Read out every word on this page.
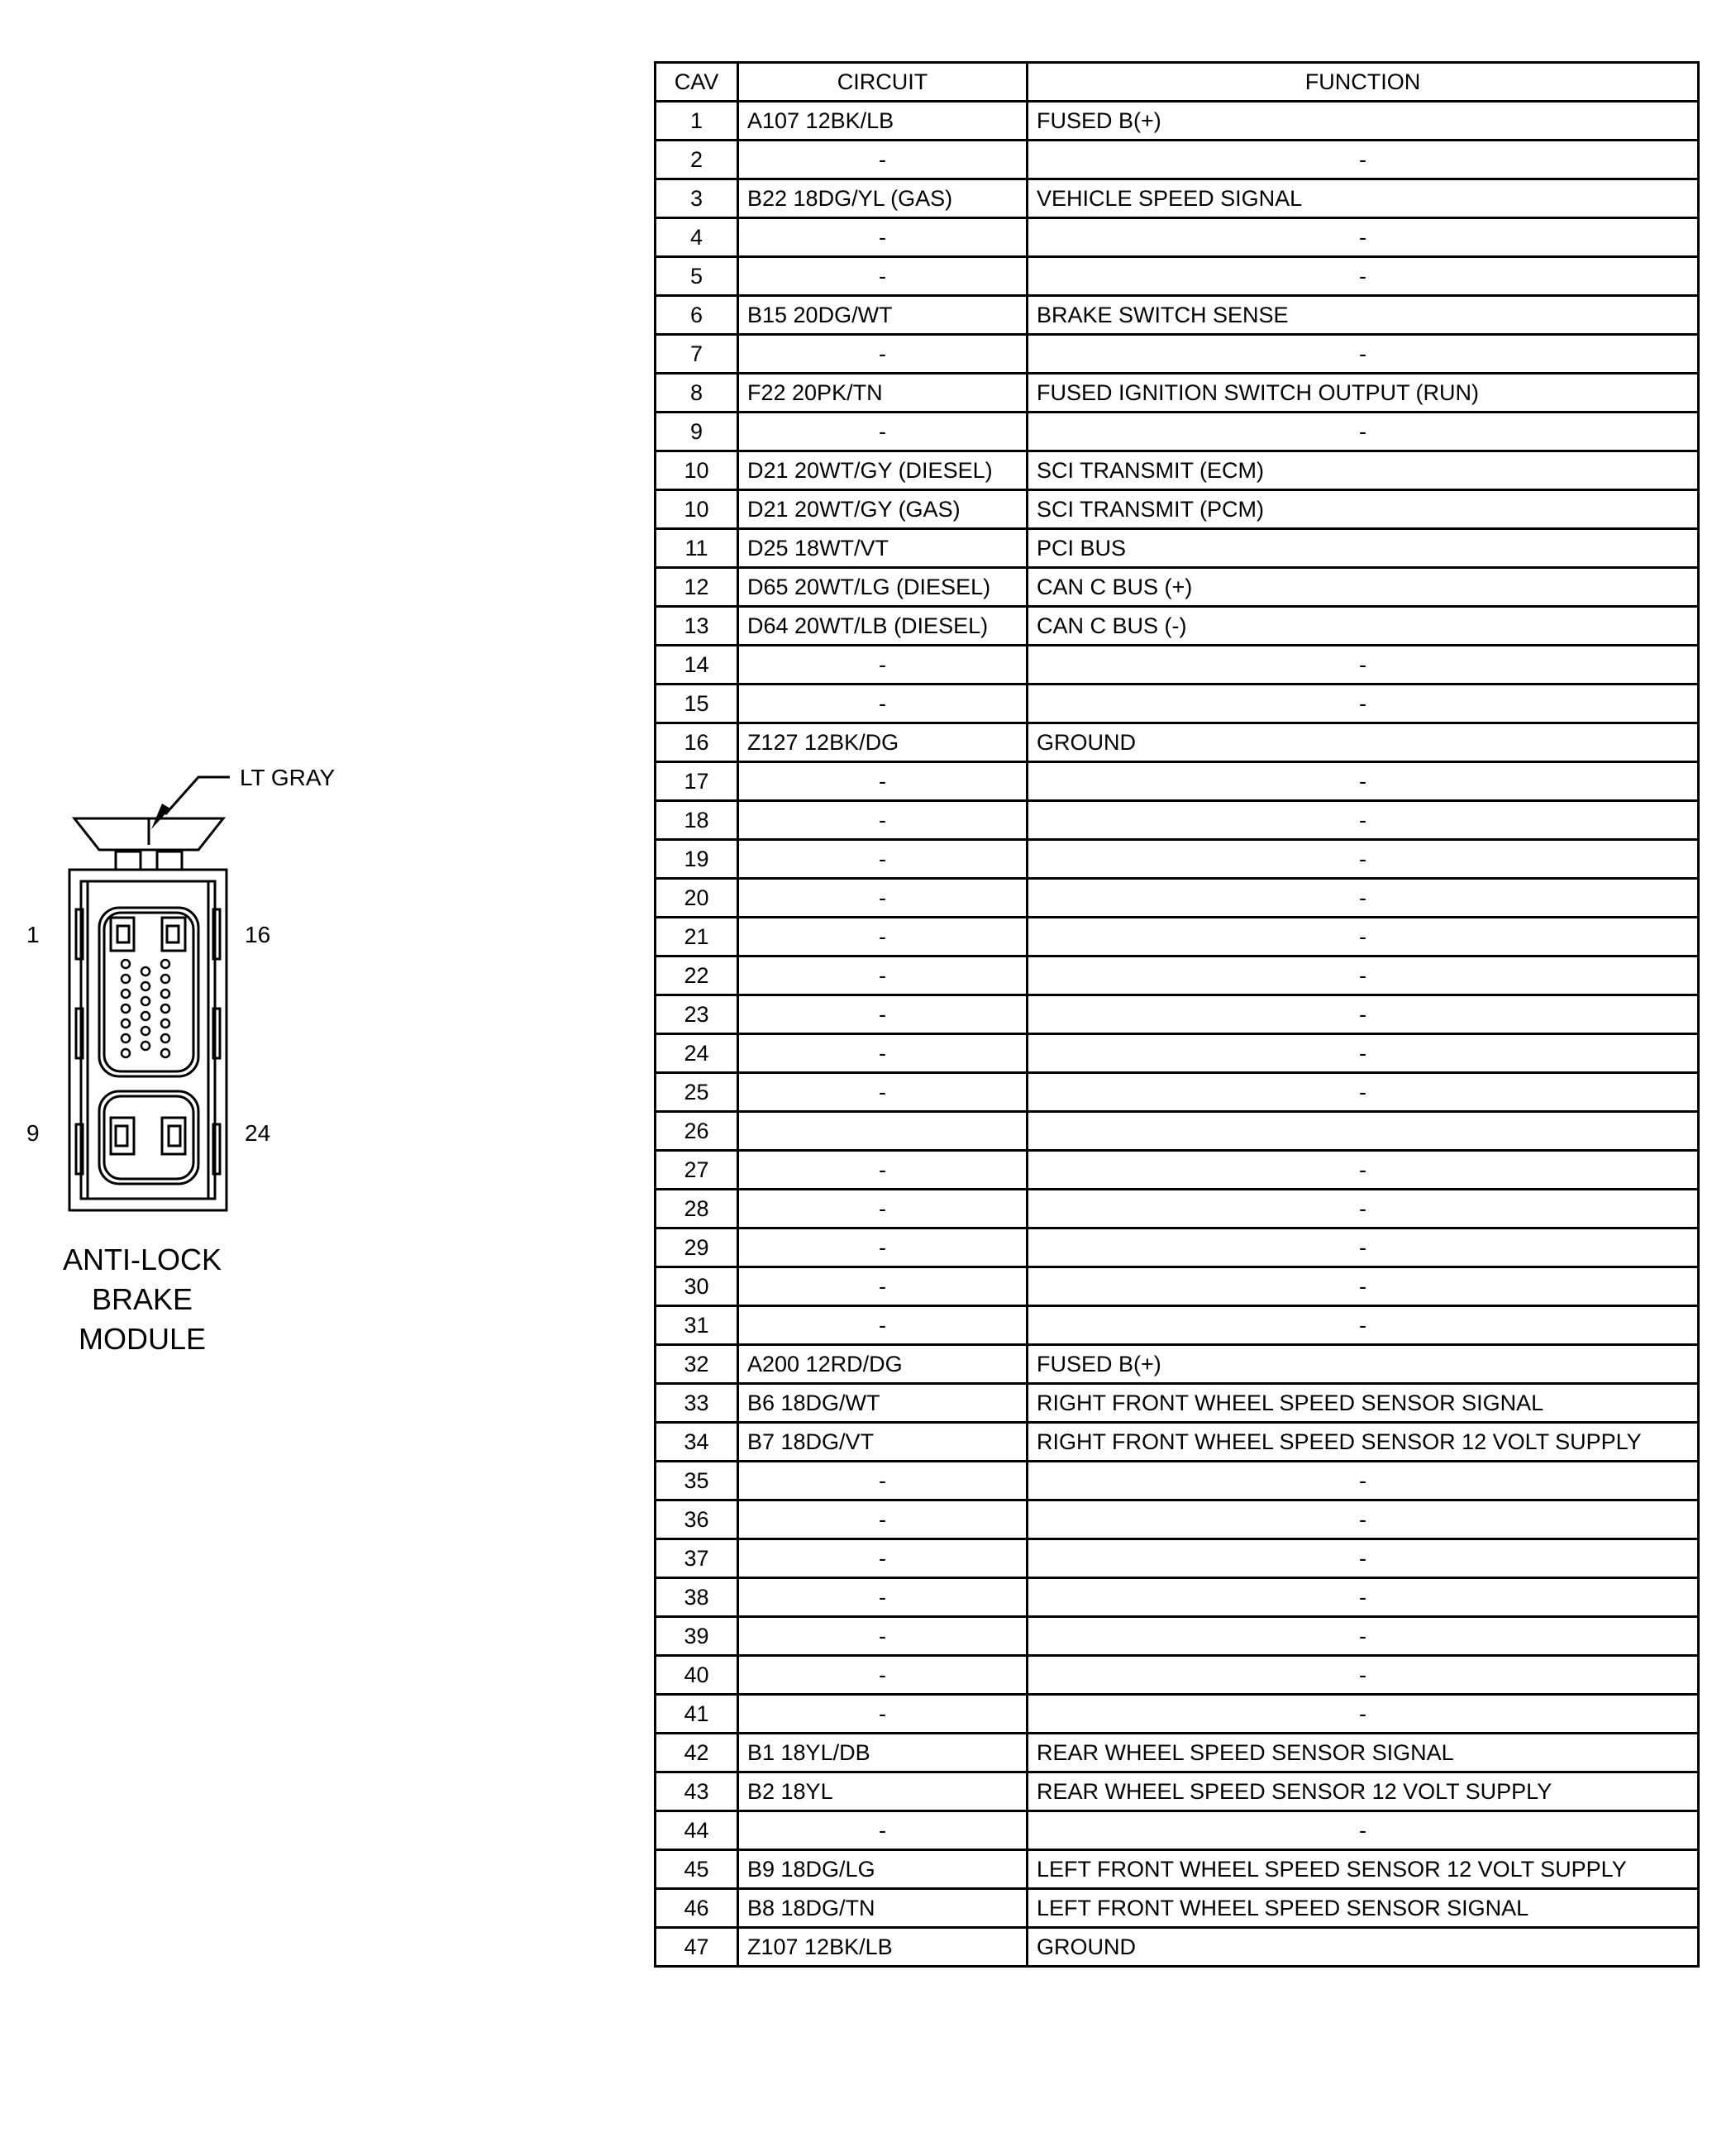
LT GRAY
1	16
9	24
ANTI-LOCK
BRAKE
MODULE
CAV	CIRCUIT	FUNCTION
1	A107 12BK/LB	FUSED B(+)
2	-	-
3	B22 18DG/YL (GAS)	VEHICLE SPEED SIGNAL
4	-	-
5	-	-
6	B15 20DG/WT	BRAKE SWITCH SENSE
7	-	-
8	F22 20PK/TN	FUSED IGNITION SWITCH OUTPUT (RUN)
9	-	-
10	D21 20WT/GY (DIESEL)	SCI TRANSMIT (ECM)
10	D21 20WT/GY (GAS)	SCI TRANSMIT (PCM)
11	D25 18WT/VT	PCI BUS
12	D65 20WT/LG (DIESEL)	CAN C BUS (+)
13	D64 20WT/LB (DIESEL)	CAN C BUS (-)
14	-	-
15	-	-
16	Z127 12BK/DG	GROUND
17	-	-
18	-	-
19	-	-
20	-	-
21	-	-
22	-	-
23	-	-
24	-	-
25	-	-
26		
27	-	-
28	-	-
29	-	-
30	-	-
31	-	-
32	A200 12RD/DG	FUSED B(+)
33	B6 18DG/WT	RIGHT FRONT WHEEL SPEED SENSOR SIGNAL
34	B7 18DG/VT	RIGHT FRONT WHEEL SPEED SENSOR 12 VOLT SUPPLY
35	-	-
36	-	-
37	-	-
38	-	-
39	-	-
40	-	-
41	-	-
42	B1 18YL/DB	REAR WHEEL SPEED SENSOR SIGNAL
43	B2 18YL	REAR WHEEL SPEED SENSOR 12 VOLT SUPPLY
44	-	-
45	B9 18DG/LG	LEFT FRONT WHEEL SPEED SENSOR 12 VOLT SUPPLY
46	B8 18DG/TN	LEFT FRONT WHEEL SPEED SENSOR SIGNAL
47	Z107 12BK/LB	GROUND
